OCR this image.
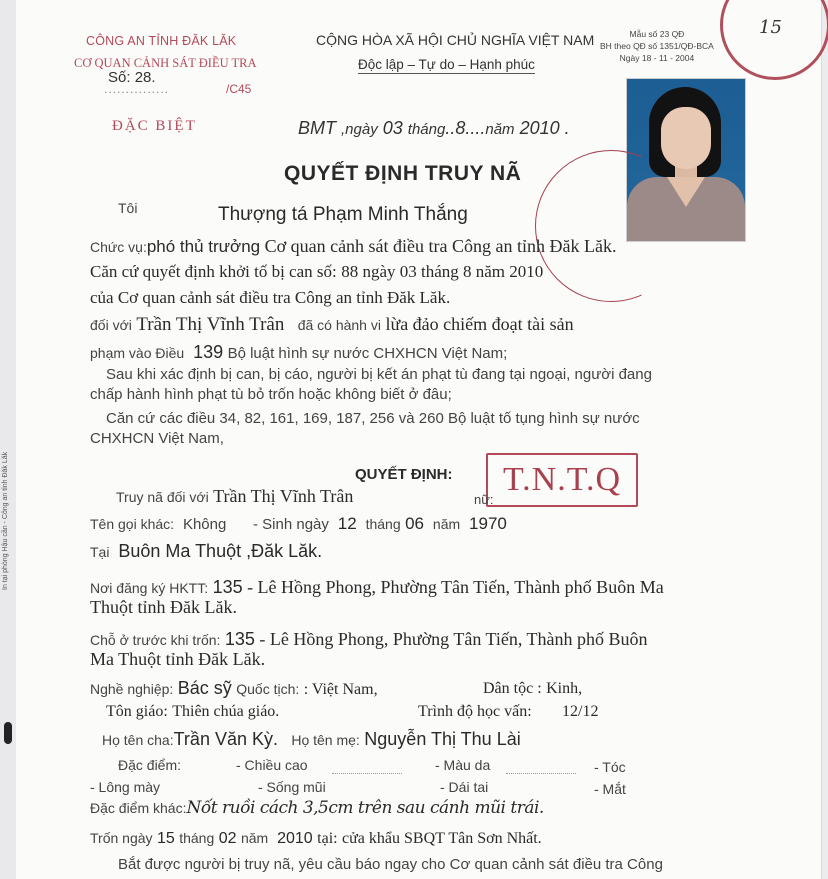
In tại phòng Hậu cần - Công an tỉnh Đăk Lăk
CÔNG AN TỈNH ĐĂK LĂK
CƠ QUAN CẢNH SÁT ĐIỀU TRA
Số: 28.
...............	/C45
ĐẶC BIỆT
CỘNG HÒA XÃ HỘI CHỦ NGHĨA VIỆT NAM
Độc lập – Tự do – Hạnh phúc
Mẫu số 23 QĐ
BH theo QĐ số 1351/QĐ-BCA
Ngày 18 - 11 - 2004
15
BMT ,ngày 03 tháng..8....năm 2010 .
QUYẾT ĐỊNH TRUY NÃ
Tôi	Thượng tá Phạm Minh Thắng
Chức vụ:phó thủ trưởng Cơ quan cảnh sát điều tra Công an tỉnh Đăk Lăk.
Căn cứ quyết định khởi tố bị can số: 88 ngày 03 tháng 8 năm 2010
của Cơ quan cảnh sát điều tra Công an tỉnh Đăk Lăk.
đối với Trần Thị Vĩnh Trân đã có hành vi lừa đảo chiếm đoạt tài sản
phạm vào Điều 139 Bộ luật hình sự nước CHXHCN Việt Nam;
Sau khi xác định bị can, bị cáo, người bị kết án phạt tù đang tại ngoại, người đang
chấp hành hình phạt tù bỏ trốn hoặc không biết ở đâu;
Căn cứ các điều 34, 82, 161, 169, 187, 256 và 260 Bộ luật tố tụng hình sự nước
CHXHCN Việt Nam,
QUYẾT ĐỊNH:	T.N.T.Q
Truy nã đối với Trần Thị Vĩnh Trân	nữ:
Tên gọi khác: Không - Sinh ngày 12 tháng 06 năm 1970
Tại Buôn Ma Thuột ,Đăk Lăk.
Nơi đăng ký HKTT: 135 - Lê Hồng Phong, Phường Tân Tiến, Thành phố Buôn Ma
Thuột tỉnh Đăk Lăk.
Chỗ ở trước khi trốn: 135 - Lê Hồng Phong, Phường Tân Tiến, Thành phố Buôn
Ma Thuột tỉnh Đăk Lăk.
Nghề nghiệp: Bác sỹ Quốc tịch: : Việt Nam,	Dân tộc : Kinh,
Tôn giáo: Thiên chúa giáo.	Trình độ học vấn: 12/12
Họ tên cha:Trần Văn Kỳ. Họ tên mẹ: Nguyễn Thị Thu Lài
Đặc điểm:	- Chiều cao	- Màu da	- Tóc
- Lông mày	- Sống mũi	- Dái tai	- Mắt
Đặc điểm khác:Nốt ruồi cách 3,5cm trên sau cánh mũi trái.
Trốn ngày 15 tháng 02 năm 2010 tại: cửa khẩu SBQT Tân Sơn Nhất.
Bắt được người bị truy nã, yêu cầu báo ngay cho Cơ quan cảnh sát điều tra Công
